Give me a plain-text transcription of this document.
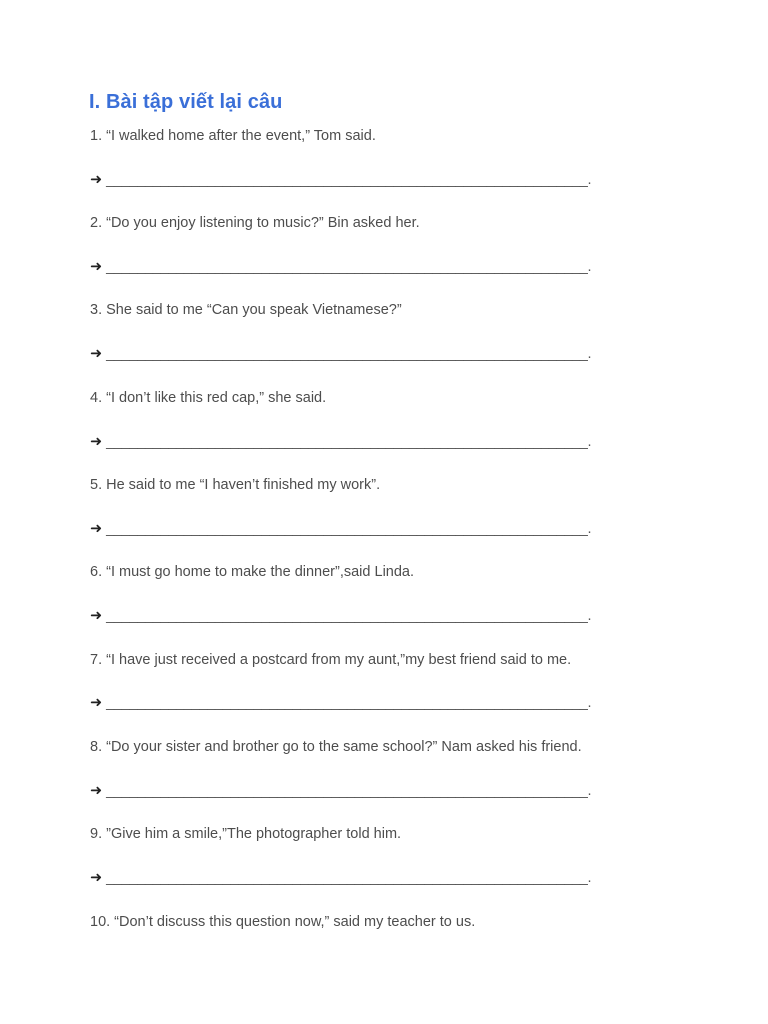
I. Bài tập viết lại câu
1. “I walked home after the event,” Tom said.
➜ ______________________________________________________________.
2. “Do you enjoy listening to music?” Bin asked her.
➜ ______________________________________________________________.
3. She said to me “Can you speak Vietnamese?”
➜ ______________________________________________________________.
4. “I don’t like this red cap,” she said.
➜ ______________________________________________________________.
5. He said to me “I haven’t finished my work”.
➜ ______________________________________________________________.
6. “I must go home to make the dinner”,said Linda.
➜ ______________________________________________________________.
7. “I have just received a postcard from my aunt,”my best friend said to me.
➜ ______________________________________________________________.
8. “Do your sister and brother go to the same school?” Nam asked his friend.
➜ ______________________________________________________________.
9. ”Give him a smile,”The photographer told him.
➜ ______________________________________________________________.
10. “Don’t discuss this question now,” said my teacher to us.
